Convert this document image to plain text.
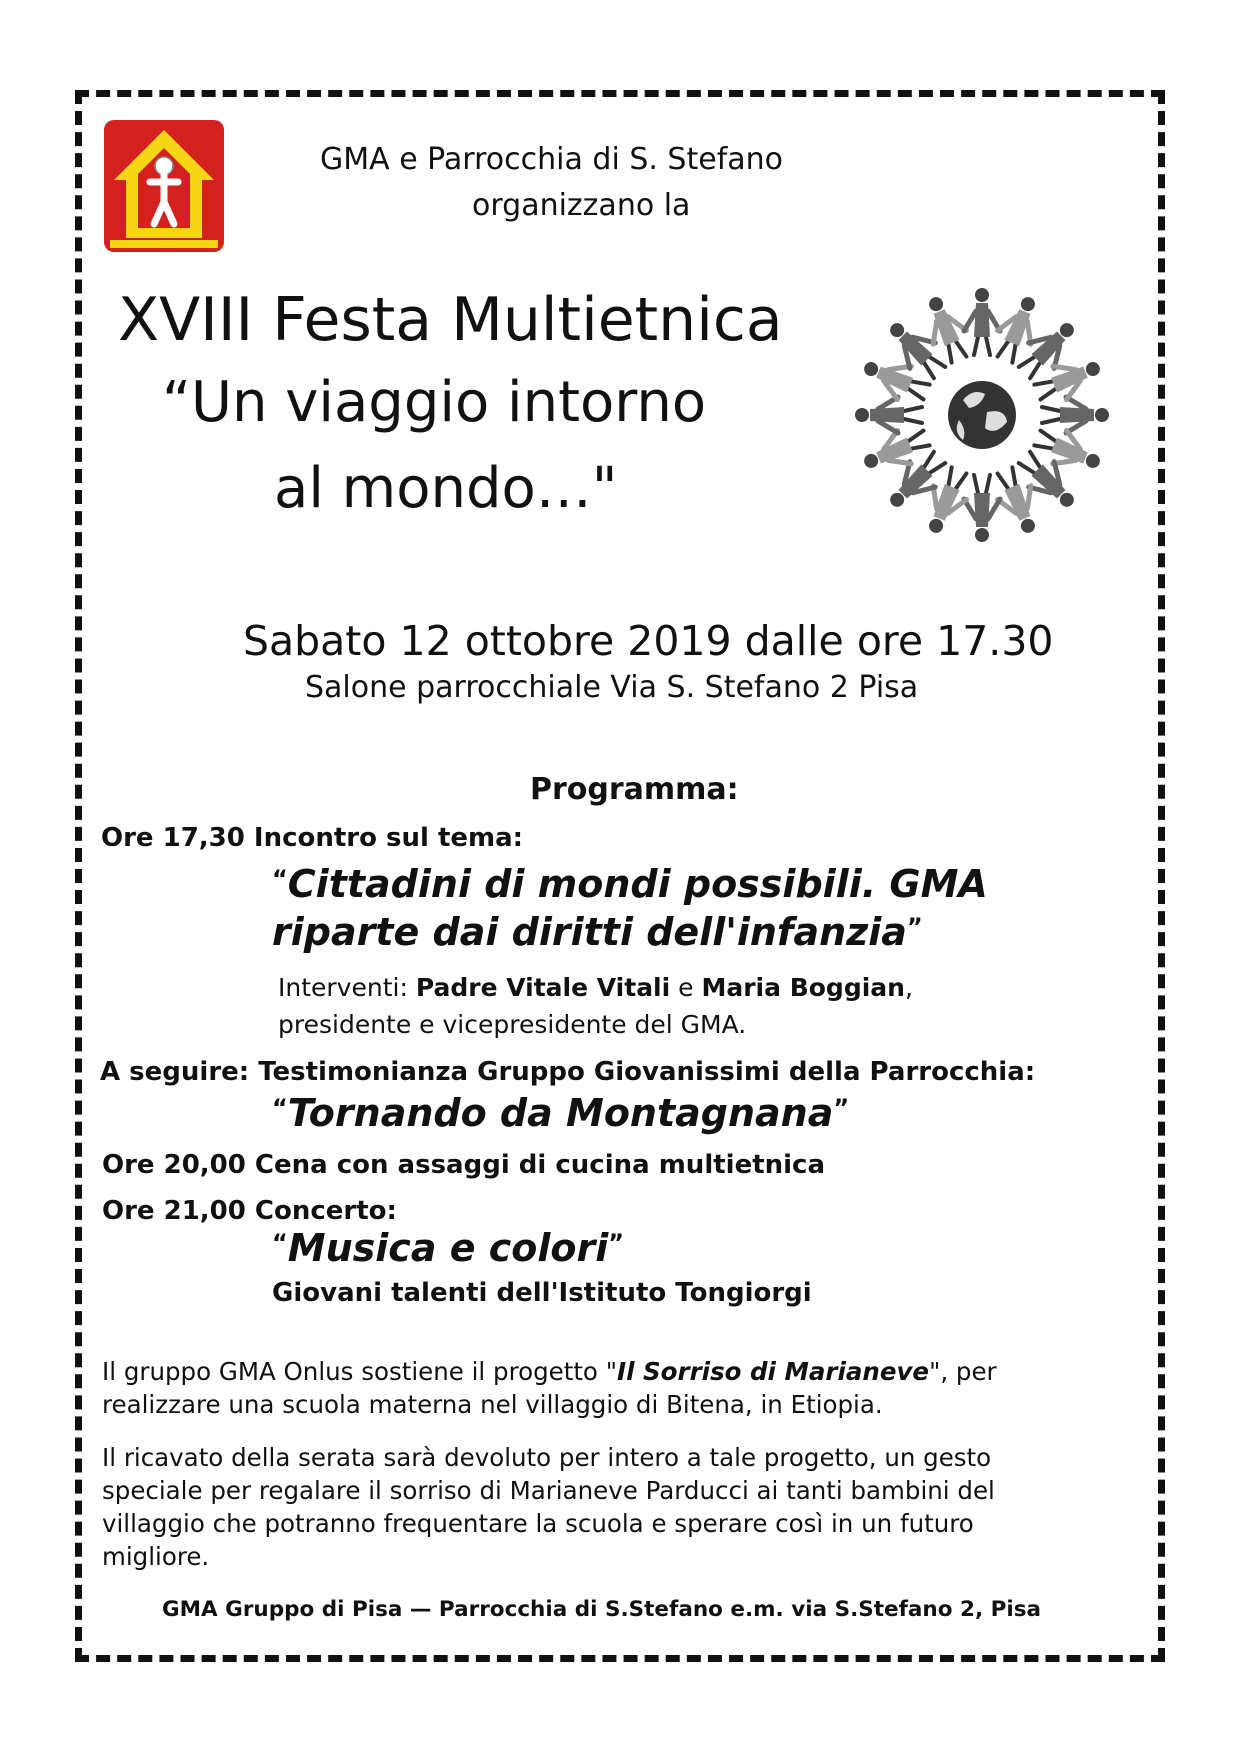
GMA e Parrocchia di S. Stefano
organizzano la
XVIII Festa Multietnica
“Un viaggio intorno
al mondo…"
Sabato 12 ottobre 2019 dalle ore 17.30
Salone parrocchiale Via S. Stefano 2 Pisa
Programma:
Ore 17,30 Incontro sul tema:
“Cittadini di mondi possibili. GMA
riparte dai diritti dell'infanzia”
Interventi: Padre Vitale Vitali e Maria Boggian,
presidente e vicepresidente del GMA.
A seguire: Testimonianza Gruppo Giovanissimi della Parrocchia:
“Tornando da Montagnana”
Ore 20,00 Cena con assaggi di cucina multietnica
Ore 21,00 Concerto:
“Musica e colori”
Giovani talenti dell'Istituto Tongiorgi
Il gruppo GMA Onlus sostiene il progetto "Il Sorriso di Marianeve", per
realizzare una scuola materna nel villaggio di Bitena, in Etiopia.
Il ricavato della serata sarà devoluto per intero a tale progetto, un gesto
speciale per regalare il sorriso di Marianeve Parducci ai tanti bambini del
villaggio che potranno frequentare la scuola e sperare così in un futuro
migliore.
GMA Gruppo di Pisa — Parrocchia di S.Stefano e.m. via S.Stefano 2, Pisa
